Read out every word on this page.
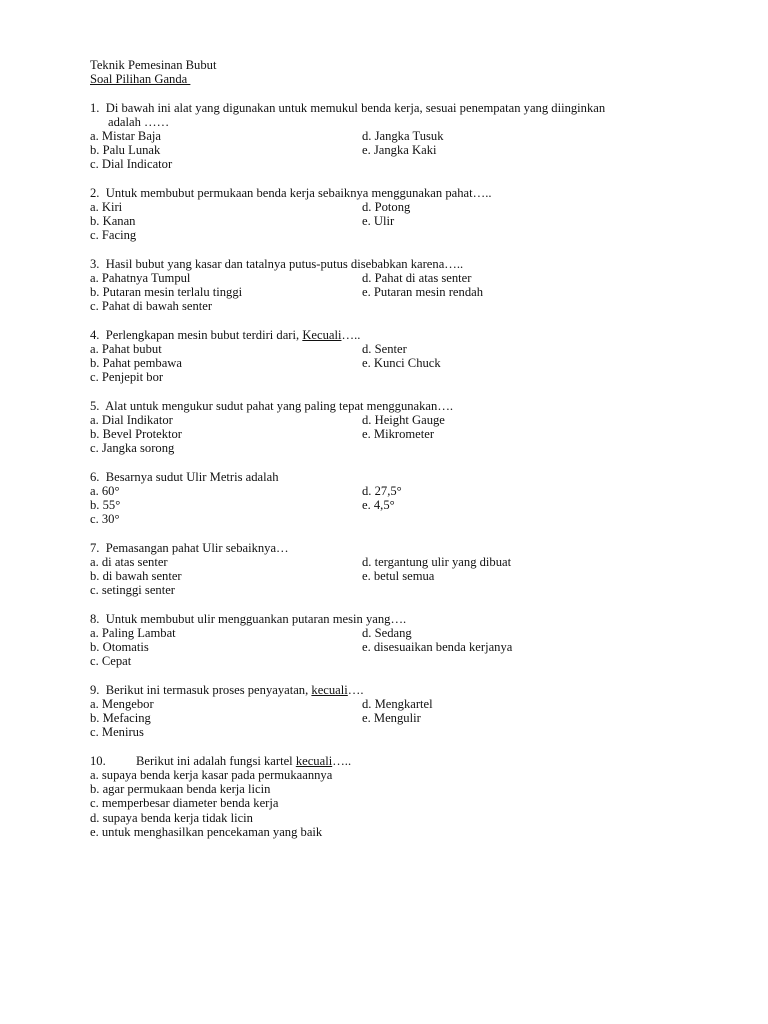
Teknik Pemesinan Bubut
Soal Pilihan Ganda
1. Di bawah ini alat yang digunakan untuk memukul benda kerja, sesuai penempatan yang diinginkan
adalah ……
a. Mistar Baja	d. Jangka Tusuk
b. Palu Lunak	e. Jangka Kaki
c. Dial Indicator
2. Untuk membubut permukaan benda kerja sebaiknya menggunakan pahat…..
a. Kiri	d. Potong
b. Kanan	e. Ulir
c. Facing
3. Hasil bubut yang kasar dan tatalnya putus-putus disebabkan karena…..
a. Pahatnya Tumpul	d. Pahat di atas senter
b. Putaran mesin terlalu tinggi	e. Putaran mesin rendah
c. Pahat di bawah senter
4. Perlengkapan mesin bubut terdiri dari, Kecuali…..
a. Pahat bubut	d. Senter
b. Pahat pembawa	e. Kunci Chuck
c. Penjepit bor
5. Alat untuk mengukur sudut pahat yang paling tepat menggunakan….
a. Dial Indikator	d. Height Gauge
b. Bevel Protektor	e. Mikrometer
c. Jangka sorong
6. Besarnya sudut Ulir Metris adalah
a. 60°	d. 27,5°
b. 55°	e. 4,5°
c. 30°
7. Pemasangan pahat Ulir sebaiknya…
a. di atas senter	d. tergantung ulir yang dibuat
b. di bawah senter	e. betul semua
c. setinggi senter
8. Untuk membubut ulir mengguankan putaran mesin yang….
a. Paling Lambat	d. Sedang
b. Otomatis	e. disesuaikan benda kerjanya
c. Cepat
9. Berikut ini termasuk proses penyayatan, kecuali….
a. Mengebor	d. Mengkartel
b. Mefacing	e. Mengulir
c. Menirus
10. Berikut ini adalah fungsi kartel kecuali…..
a. supaya benda kerja kasar pada permukaannya
b. agar permukaan benda kerja licin
c. memperbesar diameter benda kerja
d. supaya benda kerja tidak licin
e. untuk menghasilkan pencekaman yang baik
